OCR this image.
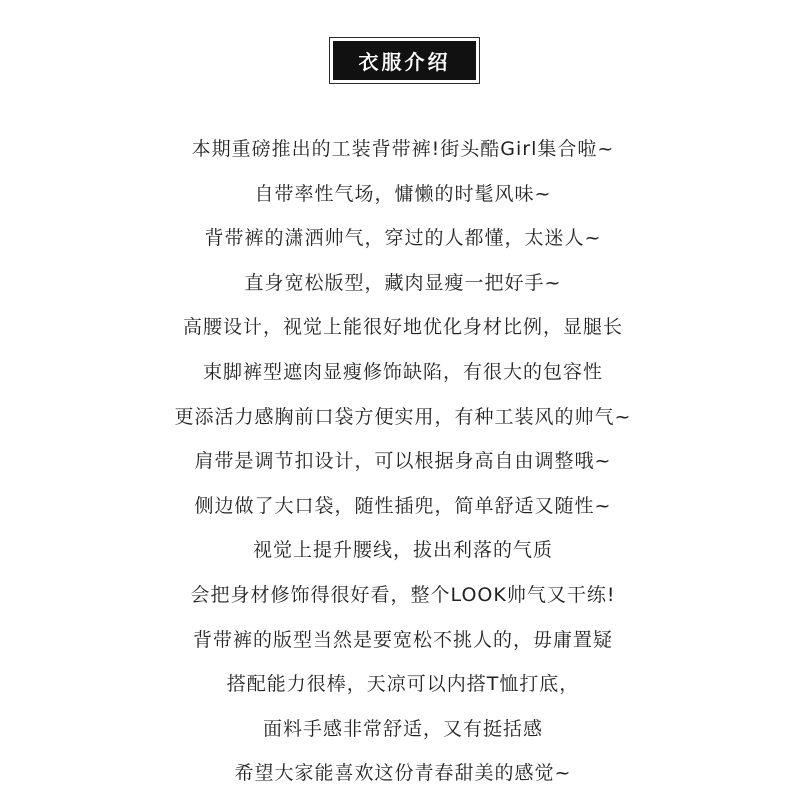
衣服介绍
本期重磅推出的工装背带裤!街头酷Girl集合啦~
自带率性气场，慵懒的时髦风味~
背带裤的潇洒帅气，穿过的人都懂，太迷人~
直身宽松版型，藏肉显瘦一把好手~
高腰设计，视觉上能很好地优化身材比例，显腿长
束脚裤型遮肉显瘦修饰缺陷，有很大的包容性
更添活力感胸前口袋方便实用，有种工装风的帅气~
肩带是调节扣设计，可以根据身高自由调整哦~
侧边做了大口袋，随性插兜，简单舒适又随性~
视觉上提升腰线，拔出利落的气质
会把身材修饰得很好看，整个LOOK帅气又干练!
背带裤的版型当然是要宽松不挑人的，毋庸置疑
搭配能力很棒，天凉可以内搭T恤打底，
面料手感非常舒适，又有挺括感
希望大家能喜欢这份青春甜美的感觉~
